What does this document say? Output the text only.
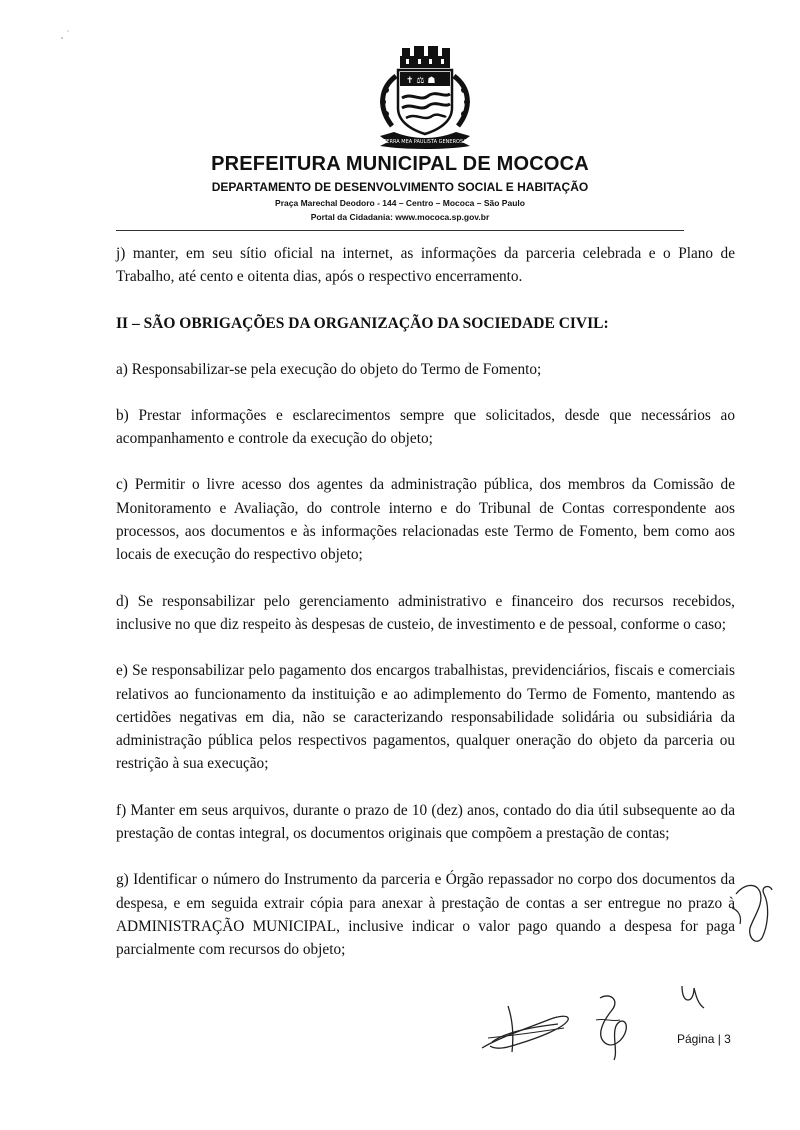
✝ ⚖ ☗
TERRA MEA PAULISTA GENEROSA
PREFEITURA MUNICIPAL DE MOCOCA
DEPARTAMENTO DE DESENVOLVIMENTO SOCIAL E HABITAÇÃO
Praça Marechal Deodoro - 144 – Centro – Mococa – São Paulo
Portal da Cidadania: www.mococa.sp.gov.br

j) manter, em seu sítio oficial na internet, as informações da parceria celebrada e o Plano de Trabalho, até cento e oitenta dias, após o respectivo encerramento.

II – SÃO OBRIGAÇÕES DA ORGANIZAÇÃO DA SOCIEDADE CIVIL:

a) Responsabilizar-se pela execução do objeto do Termo de Fomento;

b) Prestar informações e esclarecimentos sempre que solicitados, desde que necessários ao acompanhamento e controle da execução do objeto;

c) Permitir o livre acesso dos agentes da administração pública, dos membros da Comissão de Monitoramento e Avaliação, do controle interno e do Tribunal de Contas correspondente aos processos, aos documentos e às informações relacionadas este Termo de Fomento, bem como aos locais de execução do respectivo objeto;

d) Se responsabilizar pelo gerenciamento administrativo e financeiro dos recursos recebidos, inclusive no que diz respeito às despesas de custeio, de investimento e de pessoal, conforme o caso;

e) Se responsabilizar pelo pagamento dos encargos trabalhistas, previdenciários, fiscais e comerciais relativos ao funcionamento da instituição e ao adimplemento do Termo de Fomento, mantendo as certidões negativas em dia, não se caracterizando responsabilidade solidária ou subsidiária da administração pública pelos respectivos pagamentos, qualquer oneração do objeto da parceria ou restrição à sua execução;

f) Manter em seus arquivos, durante o prazo de 10 (dez) anos, contado do dia útil subsequente ao da prestação de contas integral, os documentos originais que compõem a prestação de contas;

g) Identificar o número do Instrumento da parceria e Órgão repassador no corpo dos documentos da despesa, e em seguida extrair cópia para anexar à prestação de contas a ser entregue no prazo à ADMINISTRAÇÃO MUNICIPAL, inclusive indicar o valor pago quando a despesa for paga parcialmente com recursos do objeto;

Página | 3
